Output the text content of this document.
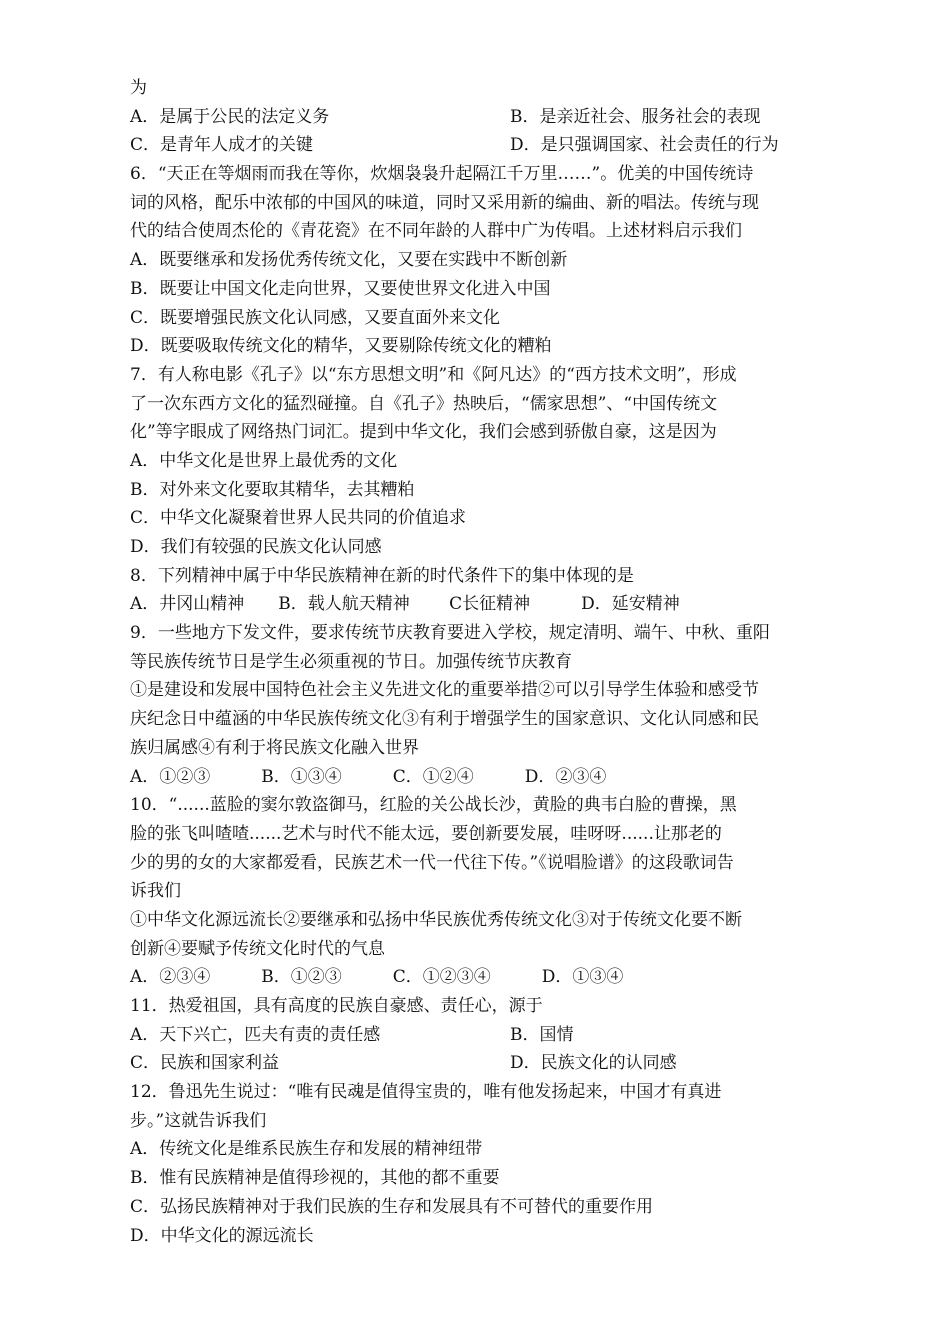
为
A．是属于公民的法定义务	B．是亲近社会、服务社会的表现
C．是青年人成才的关键	D．是只强调国家、社会责任的行为
6．“天正在等烟雨而我在等你，炊烟袅袅升起隔江千万里……”。优美的中国传统诗
词的风格，配乐中浓郁的中国风的味道，同时又采用新的编曲、新的唱法。传统与现
代的结合使周杰伦的《青花瓷》在不同年龄的人群中广为传唱。上述材料启示我们
A．既要继承和发扬优秀传统文化，又要在实践中不断创新
B．既要让中国文化走向世界，又要使世界文化进入中国
C．既要增强民族文化认同感，又要直面外来文化
D．既要吸取传统文化的精华，又要剔除传统文化的糟粕
7．有人称电影《孔子》以“东方思想文明”和《阿凡达》的“西方技术文明”，形成
了一次东西方文化的猛烈碰撞。自《孔子》热映后，“儒家思想”、“中国传统文
化”等字眼成了网络热门词汇。提到中华文化，我们会感到骄傲自豪，这是因为
A．中华文化是世界上最优秀的文化
B．对外来文化要取其精华，去其糟粕
C．中华文化凝聚着世界人民共同的价值追求
D．我们有较强的民族文化认同感
8．下列精神中属于中华民族精神在新的时代条件下的集中体现的是
A．井冈山精神　　B．载人航天精神　　 C长征精神　　　D．延安精神
9．一些地方下发文件，要求传统节庆教育要进入学校，规定清明、端午、中秋、重阳
等民族传统节日是学生必须重视的节日。加强传统节庆教育
①是建设和发展中国特色社会主义先进文化的重要举措②可以引导学生体验和感受节
庆纪念日中蕴涵的中华民族传统文化③有利于增强学生的国家意识、文化认同感和民
族归属感④有利于将民族文化融入世界
A．①②③　　　B．①③④　　　C．①②④　　　D．②③④
10．“......蓝脸的窦尔敦盗御马，红脸的关公战长沙，黄脸的典韦白脸的曹操，黑
脸的张飞叫喳喳......艺术与时代不能太远，要创新要发展，哇呀呀......让那老的
少的男的女的大家都爱看，民族艺术一代一代往下传。”《说唱脸谱》的这段歌词告
诉我们
①中华文化源远流长②要继承和弘扬中华民族优秀传统文化③对于传统文化要不断
创新④要赋予传统文化时代的气息
A．②③④　　　B．①②③　　　C．①②③④　　　D．①③④
11．热爱祖国，具有高度的民族自豪感、责任心，源于
A．天下兴亡，匹夫有责的责任感	B．国情
C．民族和国家利益	D．民族文化的认同感
12．鲁迅先生说过：“唯有民魂是值得宝贵的，唯有他发扬起来，中国才有真进
步。”这就告诉我们
A．传统文化是维系民族生存和发展的精神纽带
B．惟有民族精神是值得珍视的，其他的都不重要
C．弘扬民族精神对于我们民族的生存和发展具有不可替代的重要作用
D．中华文化的源远流长
